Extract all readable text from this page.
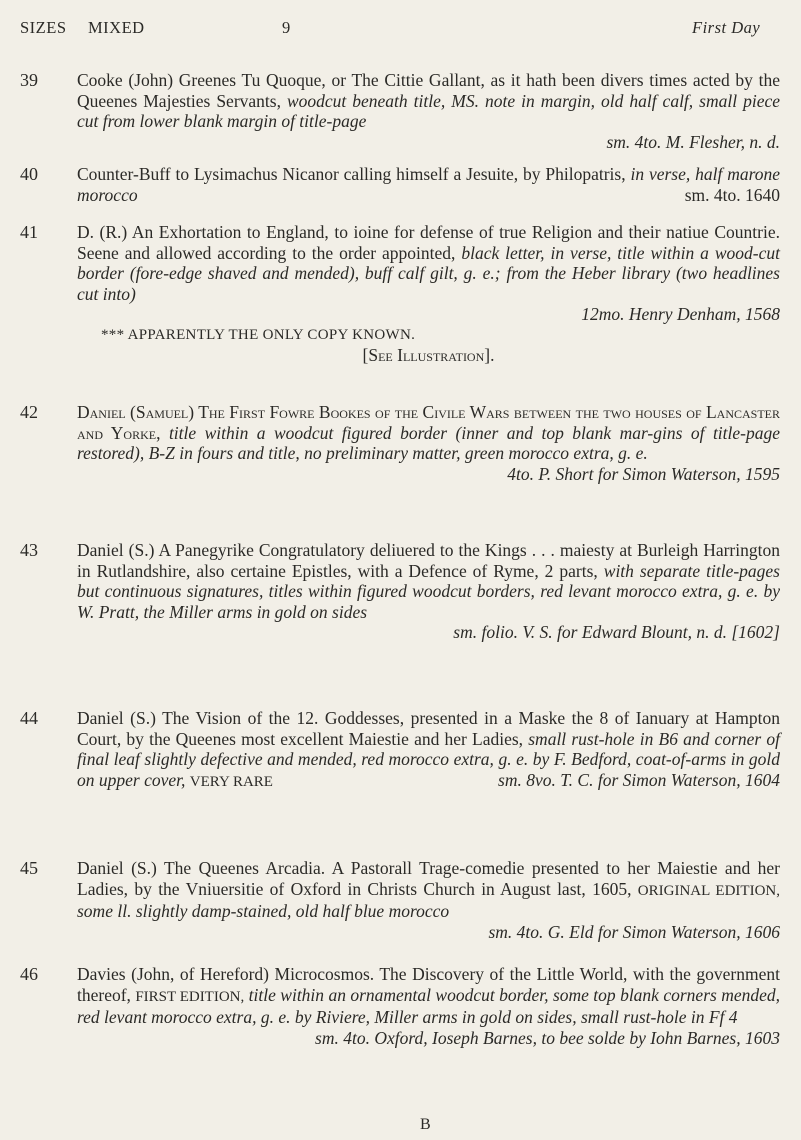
SIZES MIXED	9	First Day
39 Cooke (John) Greenes Tu Quoque, or The Cittie Gallant, as it hath been divers times acted by the Queenes Majesties Servants, woodcut beneath title, MS. note in margin, old half calf, small piece cut from lower blank margin of title-page
sm. 4to. M. Flesher, n. d.
40 Counter-Buff to Lysimachus Nicanor calling himself a Jesuite, by Philopatris, in verse, half marone morocco	sm. 4to. 1640
41 D. (R.) An Exhortation to England, to ioine for defense of true Religion and their natiue Countrie. Seene and allowed according to the order appointed, black letter, in verse, title within a wood-cut border (fore-edge shaved and mended), buff calf gilt, g. e.; from the Heber library (two headlines cut into)
12mo. Henry Denham, 1568
*** APPARENTLY THE ONLY COPY KNOWN.
[See Illustration].
42 Daniel (Samuel) The First Fowre Bookes of the Civile Wars between the two houses of Lancaster and Yorke, title within a woodcut figured border (inner and top blank mar-gins of title-page restored), B-Z in fours and title, no preliminary matter, green morocco extra, g. e.
4to. P. Short for Simon Waterson, 1595
43 Daniel (S.) A Panegyrike Congratulatory deliuered to the Kings . . . maiesty at Burleigh Harrington in Rutlandshire, also certaine Epistles, with a Defence of Ryme, 2 parts, with separate title-pages but continuous signatures, titles within figured woodcut borders, red levant morocco extra, g. e. by W. Pratt, the Miller arms in gold on sides
sm. folio. V. S. for Edward Blount, n. d. [1602]
44 Daniel (S.) The Vision of the 12. Goddesses, presented in a Maske the 8 of Ianuary at Hampton Court, by the Queenes most excellent Maiestie and her Ladies, small rust-hole in B6 and corner of final leaf slightly defective and mended, red morocco extra, g. e. by F. Bedford, coat-of-arms in gold on upper cover, VERY RARE	sm. 8vo. T. C. for Simon Waterson, 1604
45 Daniel (S.) The Queenes Arcadia. A Pastorall Trage-comedie presented to her Maiestie and her Ladies, by the Vniuersitie of Oxford in Christs Church in August last, 1605, ORIGINAL EDITION, some ll. slightly damp-stained, old half blue morocco
sm. 4to. G. Eld for Simon Waterson, 1606
46 Davies (John, of Hereford) Microcosmos. The Discovery of the Little World, with the government thereof, FIRST EDITION, title within an ornamental woodcut border, some top blank corners mended, red levant morocco extra, g. e. by Riviere, Miller arms in gold on sides, small rust-hole in Ff 4
sm. 4to. Oxford, Ioseph Barnes, to bee solde by Iohn Barnes, 1603
B
